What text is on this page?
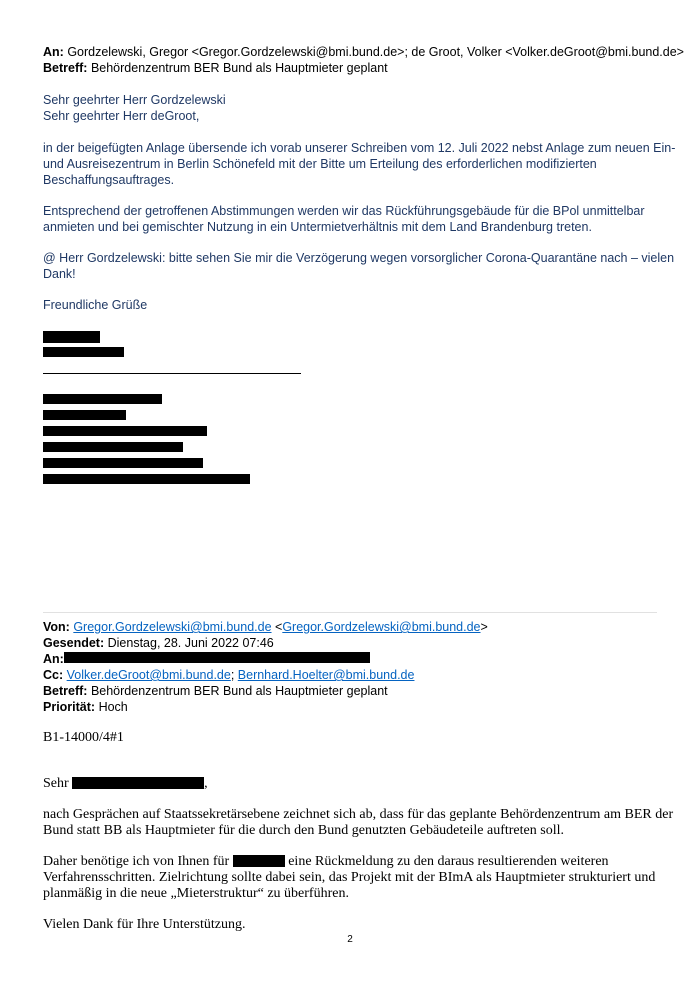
An: Gordzelewski, Gregor <Gregor.Gordzelewski@bmi.bund.de>; de Groot, Volker <Volker.deGroot@bmi.bund.de>
Betreff: Behördenzentrum BER Bund als Hauptmieter geplant
Sehr geehrter Herr Gordzelewski
Sehr geehrter Herr deGroot,
in der beigefügten Anlage übersende ich vorab unserer Schreiben vom 12. Juli 2022 nebst Anlage zum neuen Ein-
und Ausreisezentrum in Berlin Schönefeld mit der Bitte um Erteilung des erforderlichen modifizierten
Beschaffungsauftrages.
Entsprechend der getroffenen Abstimmungen werden wir das Rückführungsgebäude für die BPol unmittelbar
anmieten und bei gemischter Nutzung in ein Untermietverhältnis mit dem Land Brandenburg treten.
@ Herr Gordzelewski: bitte sehen Sie mir die Verzögerung wegen vorsorglicher Corona-Quarantäne nach – vielen
Dank!
Freundliche Grüße
Von: Gregor.Gordzelewski@bmi.bund.de <Gregor.Gordzelewski@bmi.bund.de>
Gesendet: Dienstag, 28. Juni 2022 07:46
An:
Cc: Volker.deGroot@bmi.bund.de; Bernhard.Hoelter@bmi.bund.de
Betreff: Behördenzentrum BER Bund als Hauptmieter geplant
Priorität: Hoch
B1-14000/4#1
Sehr	,
nach Gesprächen auf Staatssekretärsebene zeichnet sich ab, dass für das geplante Behördenzentrum am BER der
Bund statt BB als Hauptmieter für die durch den Bund genutzten Gebäudeteile auftreten soll.
Daher benötige ich von Ihnen für	eine Rückmeldung zu den daraus resultierenden weiteren
Verfahrensschritten. Zielrichtung sollte dabei sein, das Projekt mit der BImA als Hauptmieter strukturiert und
planmäßig in die neue „Mieterstruktur“ zu überführen.
Vielen Dank für Ihre Unterstützung.
2
